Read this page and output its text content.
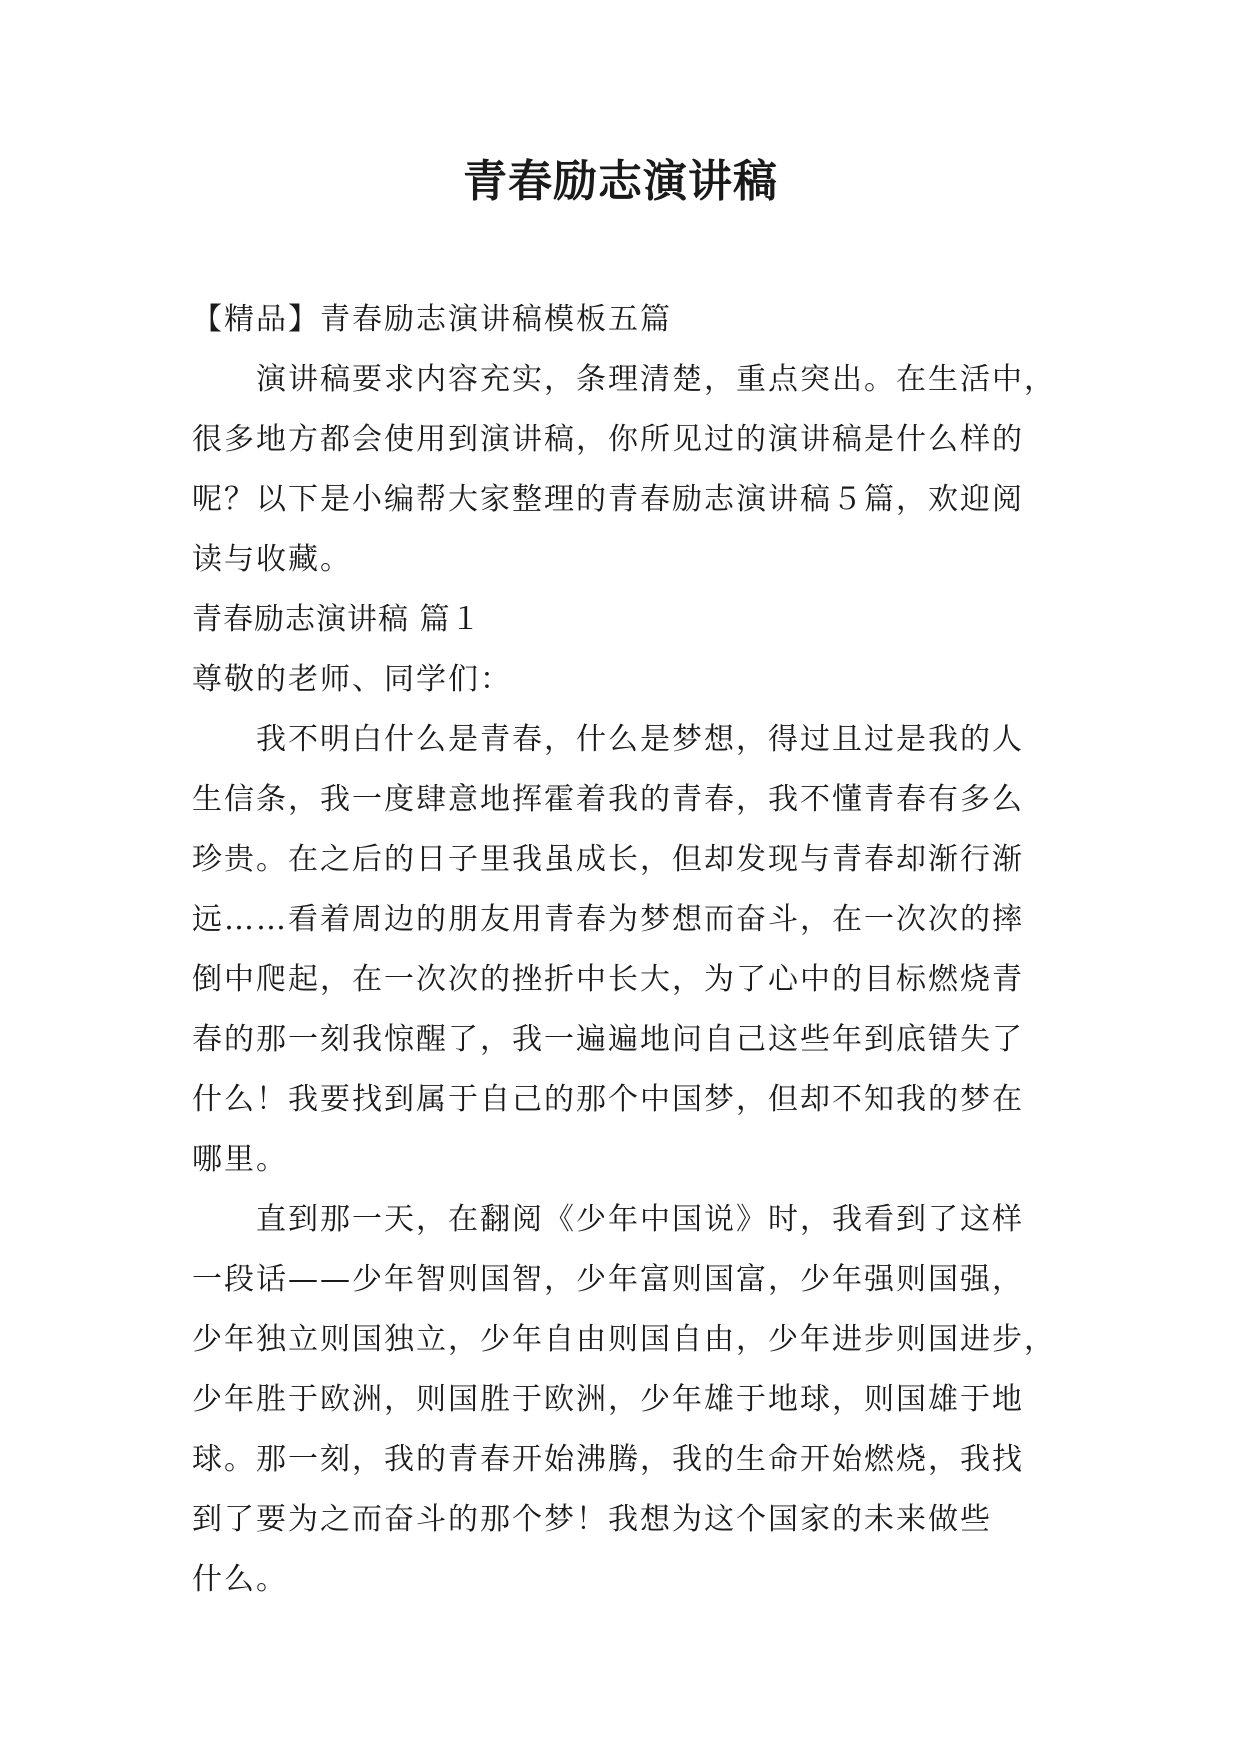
青春励志演讲稿
【精品】青春励志演讲稿模板五篇
演讲稿要求内容充实，条理清楚，重点突出。在生活中，
很多地方都会使用到演讲稿，你所见过的演讲稿是什么样的
呢？以下是小编帮大家整理的青春励志演讲稿５篇，欢迎阅
读与收藏。
青春励志演讲稿 篇１
尊敬的老师、同学们：
我不明白什么是青春，什么是梦想，得过且过是我的人
生信条，我一度肆意地挥霍着我的青春，我不懂青春有多么
珍贵。在之后的日子里我虽成长，但却发现与青春却渐行渐
远……看着周边的朋友用青春为梦想而奋斗，在一次次的摔
倒中爬起，在一次次的挫折中长大，为了心中的目标燃烧青
春的那一刻我惊醒了，我一遍遍地问自己这些年到底错失了
什么！我要找到属于自己的那个中国梦，但却不知我的梦在
哪里。
直到那一天，在翻阅《少年中国说》时，我看到了这样
一段话——少年智则国智，少年富则国富，少年强则国强，
少年独立则国独立，少年自由则国自由，少年进步则国进步，
少年胜于欧洲，则国胜于欧洲，少年雄于地球，则国雄于地
球。那一刻，我的青春开始沸腾，我的生命开始燃烧，我找
到了要为之而奋斗的那个梦！我想为这个国家的未来做些
什么。
